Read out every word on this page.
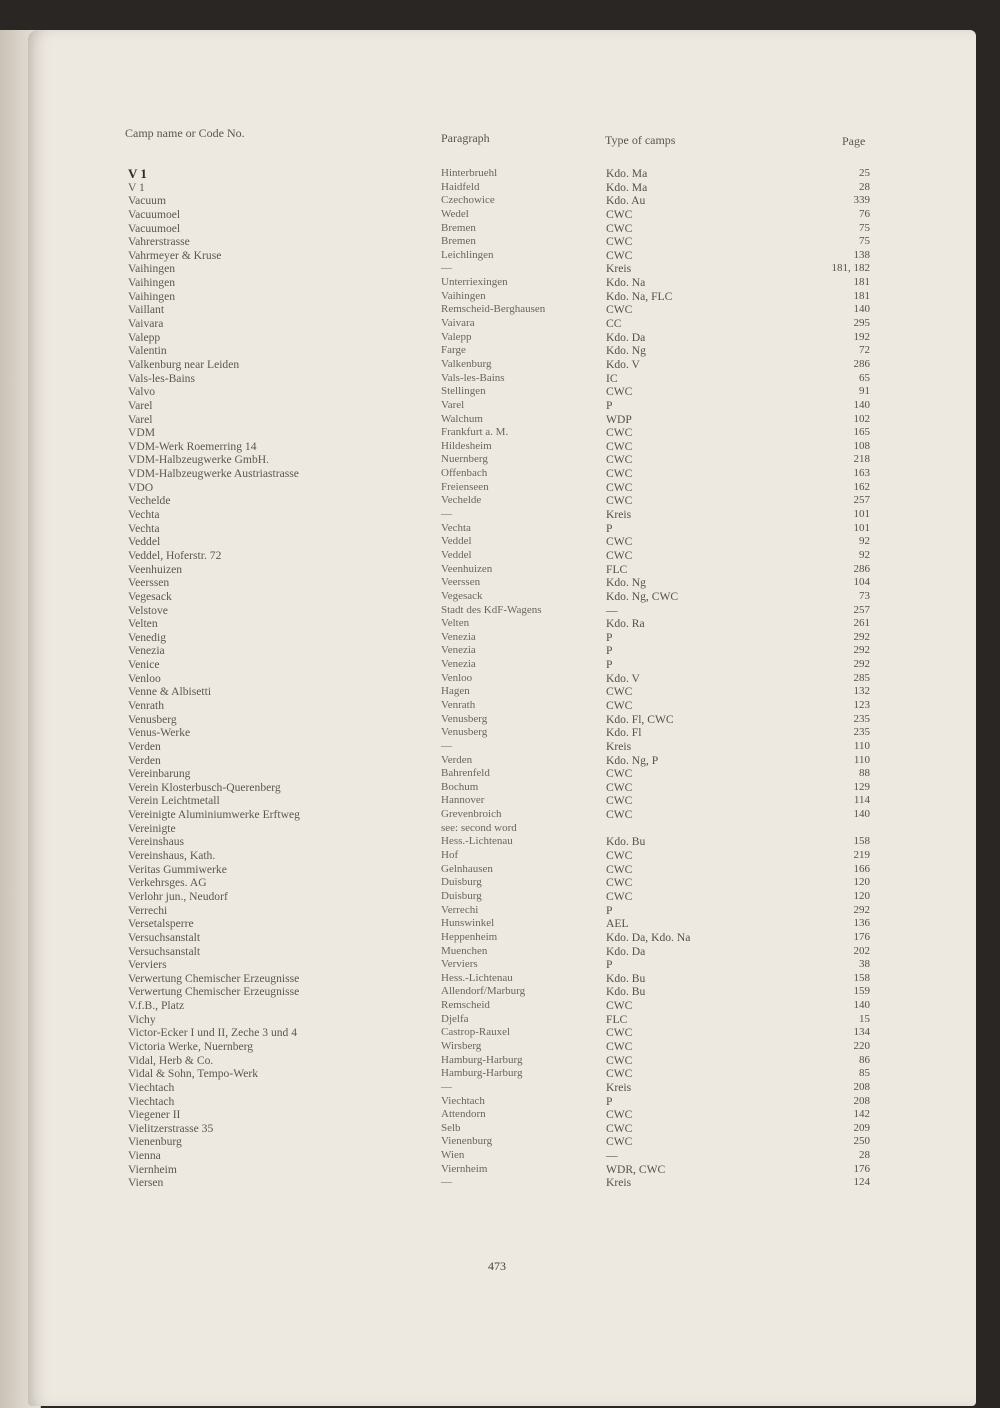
Camp name or Code No.	Paragraph	Type of camps	Page
V 1	Hinterbruehl	Kdo. Ma	25
V 1	Haidfeld	Kdo. Ma	28
Vacuum	Czechowice	Kdo. Au	339
Vacuumoel	Wedel	CWC	76
Vacuumoel	Bremen	CWC	75
Vahrerstrasse	Bremen	CWC	75
Vahrmeyer & Kruse	Leichlingen	CWC	138
Vaihingen	—	Kreis	181, 182
Vaihingen	Unterriexingen	Kdo. Na	181
Vaihingen	Vaihingen	Kdo. Na, FLC	181
Vaillant	Remscheid-Berghausen	CWC	140
Vaivara	Vaivara	CC	295
Valepp	Valepp	Kdo. Da	192
Valentin	Farge	Kdo. Ng	72
Valkenburg near Leiden	Valkenburg	Kdo. V	286
Vals-les-Bains	Vals-les-Bains	IC	65
Valvo	Stellingen	CWC	91
Varel	Varel	P	140
Varel	Walchum	WDP	102
VDM	Frankfurt a. M.	CWC	165
VDM-Werk Roemerring 14	Hildesheim	CWC	108
VDM-Halbzeugwerke GmbH.	Nuernberg	CWC	218
VDM-Halbzeugwerke Austriastrasse	Offenbach	CWC	163
VDO	Freienseen	CWC	162
Vechelde	Vechelde	CWC	257
Vechta	—	Kreis	101
Vechta	Vechta	P	101
Veddel	Veddel	CWC	92
Veddel, Hoferstr. 72	Veddel	CWC	92
Veenhuizen	Veenhuizen	FLC	286
Veerssen	Veerssen	Kdo. Ng	104
Vegesack	Vegesack	Kdo. Ng, CWC	73
Velstove	Stadt des KdF-Wagens	—	257
Velten	Velten	Kdo. Ra	261
Venedig	Venezia	P	292
Venezia	Venezia	P	292
Venice	Venezia	P	292
Venloo	Venloo	Kdo. V	285
Venne & Albisetti	Hagen	CWC	132
Venrath	Venrath	CWC	123
Venusberg	Venusberg	Kdo. Fl, CWC	235
Venus-Werke	Venusberg	Kdo. Fl	235
Verden	—	Kreis	110
Verden	Verden	Kdo. Ng, P	110
Vereinbarung	Bahrenfeld	CWC	88
Verein Klosterbusch-Querenberg	Bochum	CWC	129
Verein Leichtmetall	Hannover	CWC	114
Vereinigte Aluminiumwerke Erftweg	Grevenbroich	CWC	140
Vereinigte	see: second word
Vereinshaus	Hess.-Lichtenau	Kdo. Bu	158
Vereinshaus, Kath.	Hof	CWC	219
Veritas Gummiwerke	Gelnhausen	CWC	166
Verkehrsges. AG	Duisburg	CWC	120
Verlohr jun., Neudorf	Duisburg	CWC	120
Verrechi	Verrechi	P	292
Versetalsperre	Hunswinkel	AEL	136
Versuchsanstalt	Heppenheim	Kdo. Da, Kdo. Na	176
Versuchsanstalt	Muenchen	Kdo. Da	202
Verviers	Verviers	P	38
Verwertung Chemischer Erzeugnisse	Hess.-Lichtenau	Kdo. Bu	158
Verwertung Chemischer Erzeugnisse	Allendorf/Marburg	Kdo. Bu	159
V.f.B., Platz	Remscheid	CWC	140
Vichy	Djelfa	FLC	15
Victor-Ecker I und II, Zeche 3 und 4	Castrop-Rauxel	CWC	134
Victoria Werke, Nuernberg	Wirsberg	CWC	220
Vidal, Herb & Co.	Hamburg-Harburg	CWC	86
Vidal & Sohn, Tempo-Werk	Hamburg-Harburg	CWC	85
Viechtach	—	Kreis	208
Viechtach	Viechtach	P	208
Viegener II	Attendorn	CWC	142
Vielitzerstrasse 35	Selb	CWC	209
Vienenburg	Vienenburg	CWC	250
Vienna	Wien	—	28
Viernheim	Viernheim	WDR, CWC	176
Viersen	—	Kreis	124
473
